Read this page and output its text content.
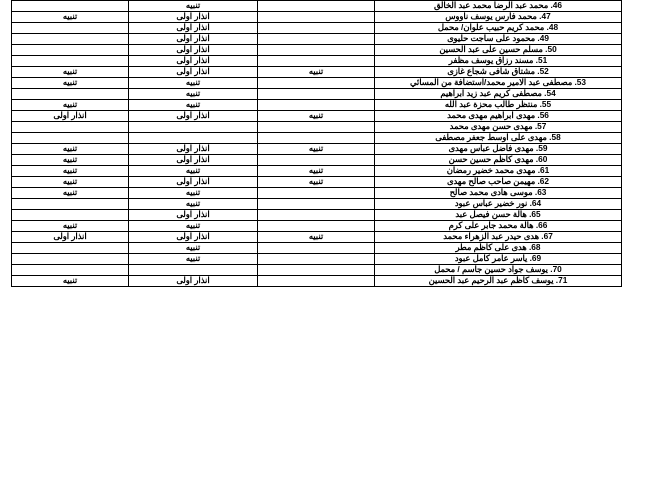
46. محمد عبد الرضا محمد عبد الخالق		تنبيه	
47. محمد فارس يوسف ناووس		انذار اولى	تنبيه
48. محمد كريم حبيب علوان/ محمل		انذار اولى	
49. محمود على ساجت حليوى		انذار اولى	
50. مسلم حسين على عبد الحسين		انذار اولى	
51. مسند رزاق يوسف مظفر		انذار اولى	
52. مشتاق شافى شجاع غازى	تنبيه	انذار اولى	تنبيه
53. مصطفى عبد الامير محمد/استضافة من المسائي		تنبيه	تنبيه
54. مصطفى كريم عبد زيد ابراهيم		تنبيه	
55. منتظر طالب محزة عبد الله		تنبيه	تنبيه
56. مهدى ابراهيم مهدى محمد	تنبيه	انذار اولى	انذار اولى
57. مهدى حسن مهدى محمد			
58. مهدى على اوسط جعفر مصطفى			
59. مهدى فاضل عباس مهدى	تنبيه	انذار اولى	تنبيه
60. مهدى كاظم حسين حسن		انذار اولى	تنبيه
61. مهدى محمد خضير رمضان	تنبيه	تنبيه	تنبيه
62. مهيمن صاحب صالح مهدى	تنبيه	انذار اولى	تنبيه
63. موسى هادى محمد صالح		تنبيه	تنبيه
64. نور خضير عباس عبود		تنبيه	
65. هالة حسن فيصل عبد		انذار اولى	
66. هالة محمد جابر على كرم		تنبيه	تنبيه
67. هدى حيدر عبد الزهراء محمد	تنبيه	انذار اولى	انذار اولى
68. هدى على كاظم مطر		تنبيه	
69. ياسر عامر كامل عبود		تنبيه	
70. يوسف جواد حسين جاسم / محمل			
71. يوسف كاظم عبد الرحيم عبد الحسين		انذار اولى	تنبيه
